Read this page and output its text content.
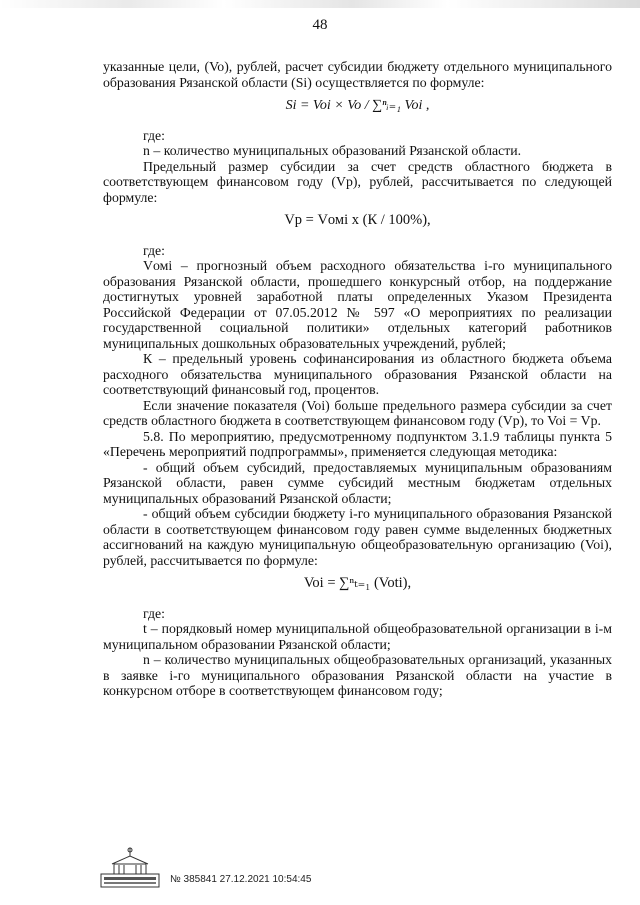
48

указанные цели, (Vo), рублей, расчет субсидии бюджету отдельного муниципального образования Рязанской области (Si) осуществляется по формуле:

Si = Voi × Vo / ∑ⁿᵢ₌₁ Voi ,

где:

n – количество муниципальных образований Рязанской области.

Предельный размер субсидии за счет средств областного бюджета в соответствующем финансовом году (Vр), рублей, рассчитывается по следующей формуле:

Vр = Vомi х (К / 100%),

где:

Vомi – прогнозный объем расходного обязательства i-го муниципального образования Рязанской области, прошедшего конкурсный отбор, на поддержание достигнутых уровней заработной платы определенных Указом Президента Российской Федерации от 07.05.2012 № 597 «О мероприятиях по реализации государственной социальной политики» отдельных категорий работников муниципальных дошкольных образовательных учреждений, рублей;

К – предельный уровень софинансирования из областного бюджета объема расходного обязательства муниципального образования Рязанской области на соответствующий финансовый год, процентов.

Если значение показателя (Voi) больше предельного размера субсидии за счет средств областного бюджета в соответствующем финансовом году (Vр), то Voi = Vр.

5.8. По мероприятию, предусмотренному подпунктом 3.1.9 таблицы пункта 5 «Перечень мероприятий подпрограммы», применяется следующая методика:

- общий объем субсидий, предоставляемых муниципальным образованиям Рязанской области, равен сумме субсидий местным бюджетам отдельных муниципальных образований Рязанской области;

- общий объем субсидии бюджету i-го муниципального образования Рязанской области в соответствующем финансовом году равен сумме выделенных бюджетных ассигнований на каждую муниципальную общеобразовательную организацию (Voi), рублей, рассчитывается по формуле:

Voi = ∑ⁿₜ₌₁ (Voti),

где:

t – порядковый номер муниципальной общеобразовательной организации в i-м муниципальном образовании Рязанской области;

n – количество муниципальных общеобразовательных организаций, указанных в заявке i-го муниципального образования Рязанской области на участие в конкурсном отборе в соответствующем финансовом году;

№ 385841 27.12.2021 10:54:45
